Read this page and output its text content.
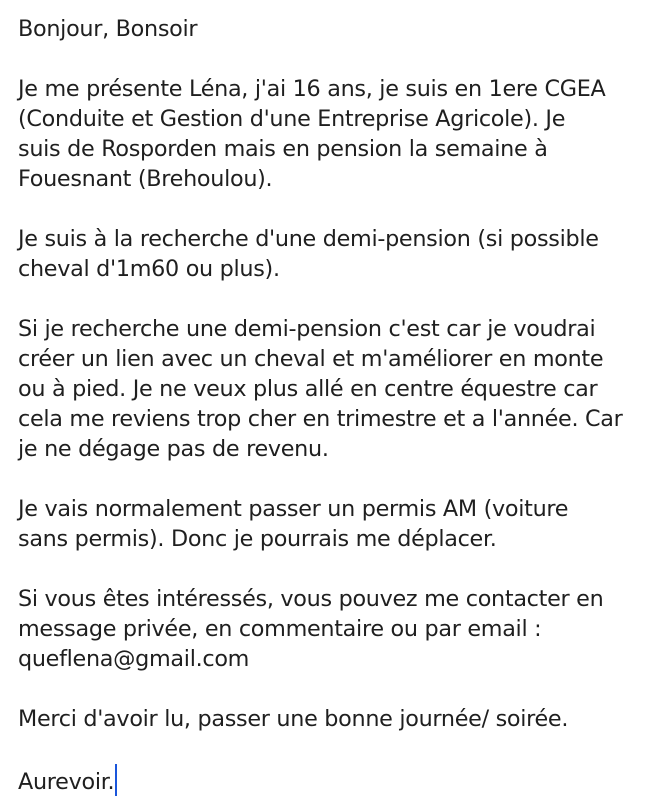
Bonjour, Bonsoir
Je me présente Léna, j'ai 16 ans, je suis en 1ere CGEA
(Conduite et Gestion d'une Entreprise Agricole). Je
suis de Rosporden mais en pension la semaine à
Fouesnant (Brehoulou).
Je suis à la recherche d'une demi-pension (si possible
cheval d'1m60 ou plus).
Si je recherche une demi-pension c'est car je voudrai
créer un lien avec un cheval et m'améliorer en monte
ou à pied. Je ne veux plus allé en centre équestre car
cela me reviens trop cher en trimestre et a l'année. Car
je ne dégage pas de revenu.
Je vais normalement passer un permis AM (voiture
sans permis). Donc je pourrais me déplacer.
Si vous êtes intéressés, vous pouvez me contacter en
message privée, en commentaire ou par email :
queflena@gmail.com
Merci d'avoir lu, passer une bonne journée/ soirée.
Aurevoir.
